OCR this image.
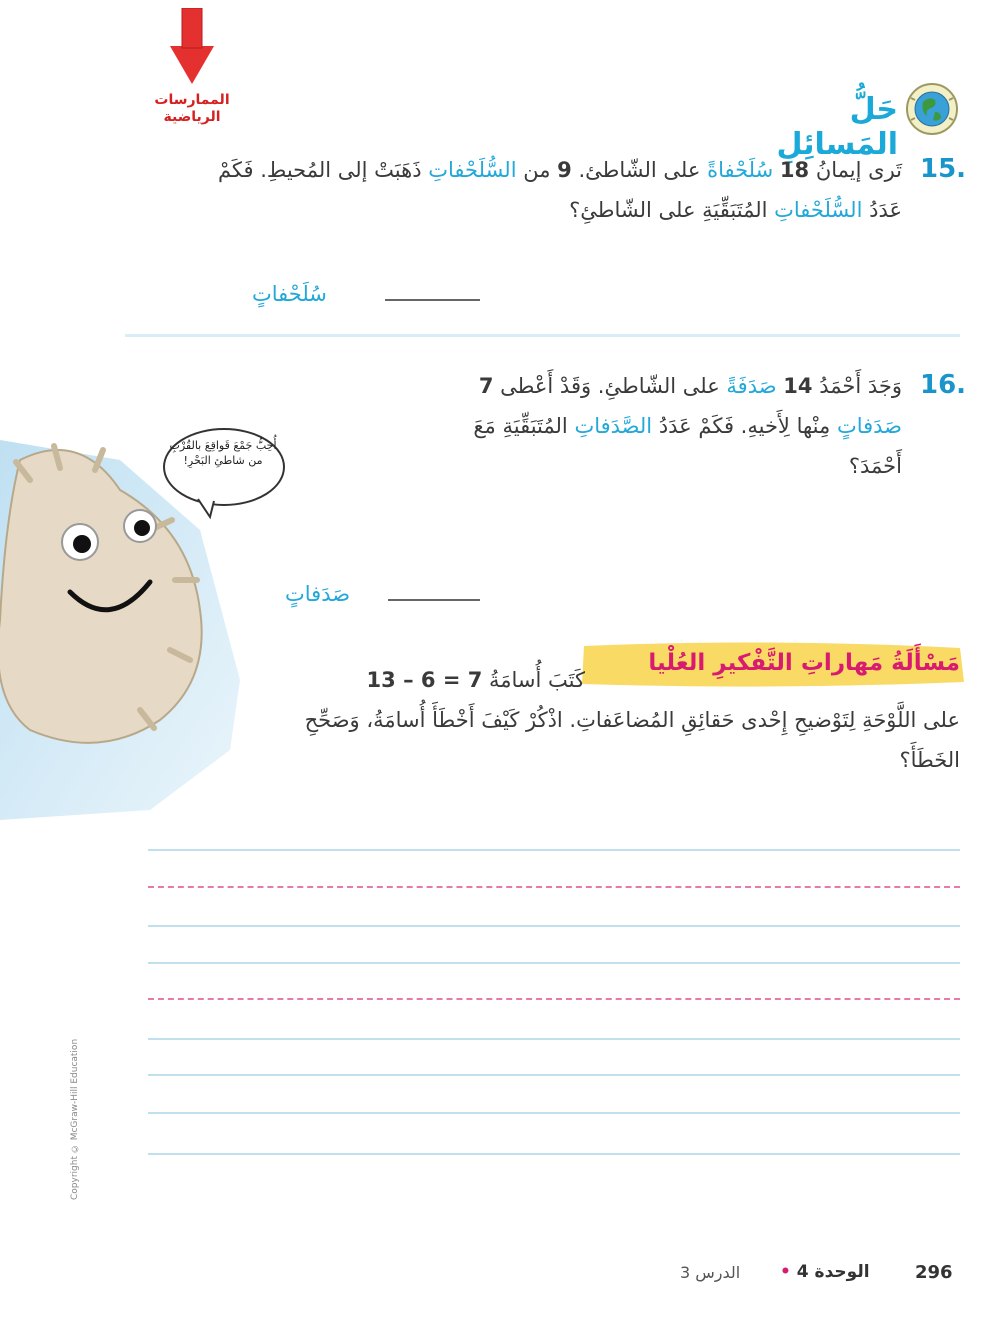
الممارسات
الرياضية	حَلُّ المَسائِلِ
15.
تَرى إيمانُ 18 سُلَحْفاةً على الشّاطئ. 9 من السُّلَحْفاتِ ذَهَبَتْ إلى المُحيطِ. فَكَمْ عَدَدُ السُّلَحْفاتِ المُتَبَقِّيَةِ على الشّاطئِ؟
سُلَحْفاتٍ
16.
وَجَدَ أَحْمَدُ 14 صَدَفَةً على الشّاطئِ. وَقَدْ أَعْطى 7 صَدَفاتٍ مِنْها لِأَخيهِ. فَكَمْ عَدَدُ الصَّدَفاتِ المُتَبَقِّيَةِ مَعَ أَحْمَدَ؟
صَدَفاتٍ
أُحِبُّ جَمْعَ قَواقِعَ بالقُرْبِ من شاطئِ البَحْرِ!
مَسْأَلَةُ مَهاراتِ التَّفْكيرِ العُلْيا
كَتَبَ أُسامَةُ 13 – 6 = 7
على اللَّوْحَةِ لِتَوْضيحِ إِحْدى حَقائِقِ المُضاعَفاتِ. اذْكُرْ كَيْفَ أَخْطَأَ أُسامَةُ، وَصَحِّحِ الخَطَأَ؟
Copyright © McGraw-Hill Education
296
الوحدة 4 •
الدرس 3
